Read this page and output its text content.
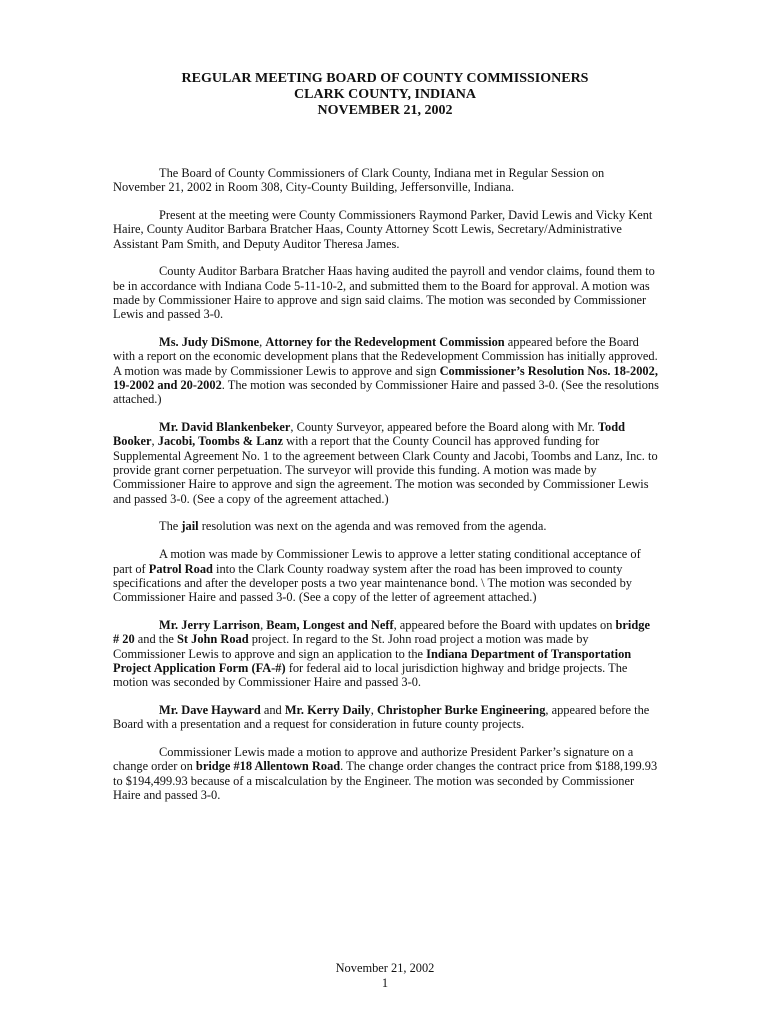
REGULAR MEETING BOARD OF COUNTY COMMISSIONERS
CLARK COUNTY, INDIANA
NOVEMBER 21, 2002

The Board of County Commissioners of Clark County, Indiana met in Regular Session on November 21, 2002 in Room 308, City-County Building, Jeffersonville, Indiana.

Present at the meeting were County Commissioners Raymond Parker, David Lewis and Vicky Kent Haire, County Auditor Barbara Bratcher Haas, County Attorney Scott Lewis, Secretary/Administrative Assistant Pam Smith, and Deputy Auditor Theresa James.

County Auditor Barbara Bratcher Haas having audited the payroll and vendor claims, found them to be in accordance with Indiana Code 5-11-10-2, and submitted them to the Board for approval. A motion was made by Commissioner Haire to approve and sign said claims. The motion was seconded by Commissioner Lewis and passed 3-0.

Ms. Judy DiSmone, Attorney for the Redevelopment Commission appeared before the Board with a report on the economic development plans that the Redevelopment Commission has initially approved. A motion was made by Commissioner Lewis to approve and sign Commissioner’s Resolution Nos. 18-2002, 19-2002 and 20-2002. The motion was seconded by Commissioner Haire and passed 3-0. (See the resolutions attached.)

Mr. David Blankenbeker, County Surveyor, appeared before the Board along with Mr. Todd Booker, Jacobi, Toombs & Lanz with a report that the County Council has approved funding for Supplemental Agreement No. 1 to the agreement between Clark County and Jacobi, Toombs and Lanz, Inc. to provide grant corner perpetuation. The surveyor will provide this funding. A motion was made by Commissioner Haire to approve and sign the agreement. The motion was seconded by Commissioner Lewis and passed 3-0. (See a copy of the agreement attached.)

The jail resolution was next on the agenda and was removed from the agenda.

A motion was made by Commissioner Lewis to approve a letter stating conditional acceptance of part of Patrol Road into the Clark County roadway system after the road has been improved to county specifications and after the developer posts a two year maintenance bond. \ The motion was seconded by Commissioner Haire and passed 3-0. (See a copy of the letter of agreement attached.)

Mr. Jerry Larrison, Beam, Longest and Neff, appeared before the Board with updates on bridge # 20 and the St John Road project. In regard to the St. John road project a motion was made by Commissioner Lewis to approve and sign an application to the Indiana Department of Transportation Project Application Form (FA-#) for federal aid to local jurisdiction highway and bridge projects. The motion was seconded by Commissioner Haire and passed 3-0.

Mr. Dave Hayward and Mr. Kerry Daily, Christopher Burke Engineering, appeared before the Board with a presentation and a request for consideration in future county projects.

Commissioner Lewis made a motion to approve and authorize President Parker’s signature on a change order on bridge #18 Allentown Road. The change order changes the contract price from $188,199.93 to $194,499.93 because of a miscalculation by the Engineer. The motion was seconded by Commissioner Haire and passed 3-0.

November 21, 2002
1
